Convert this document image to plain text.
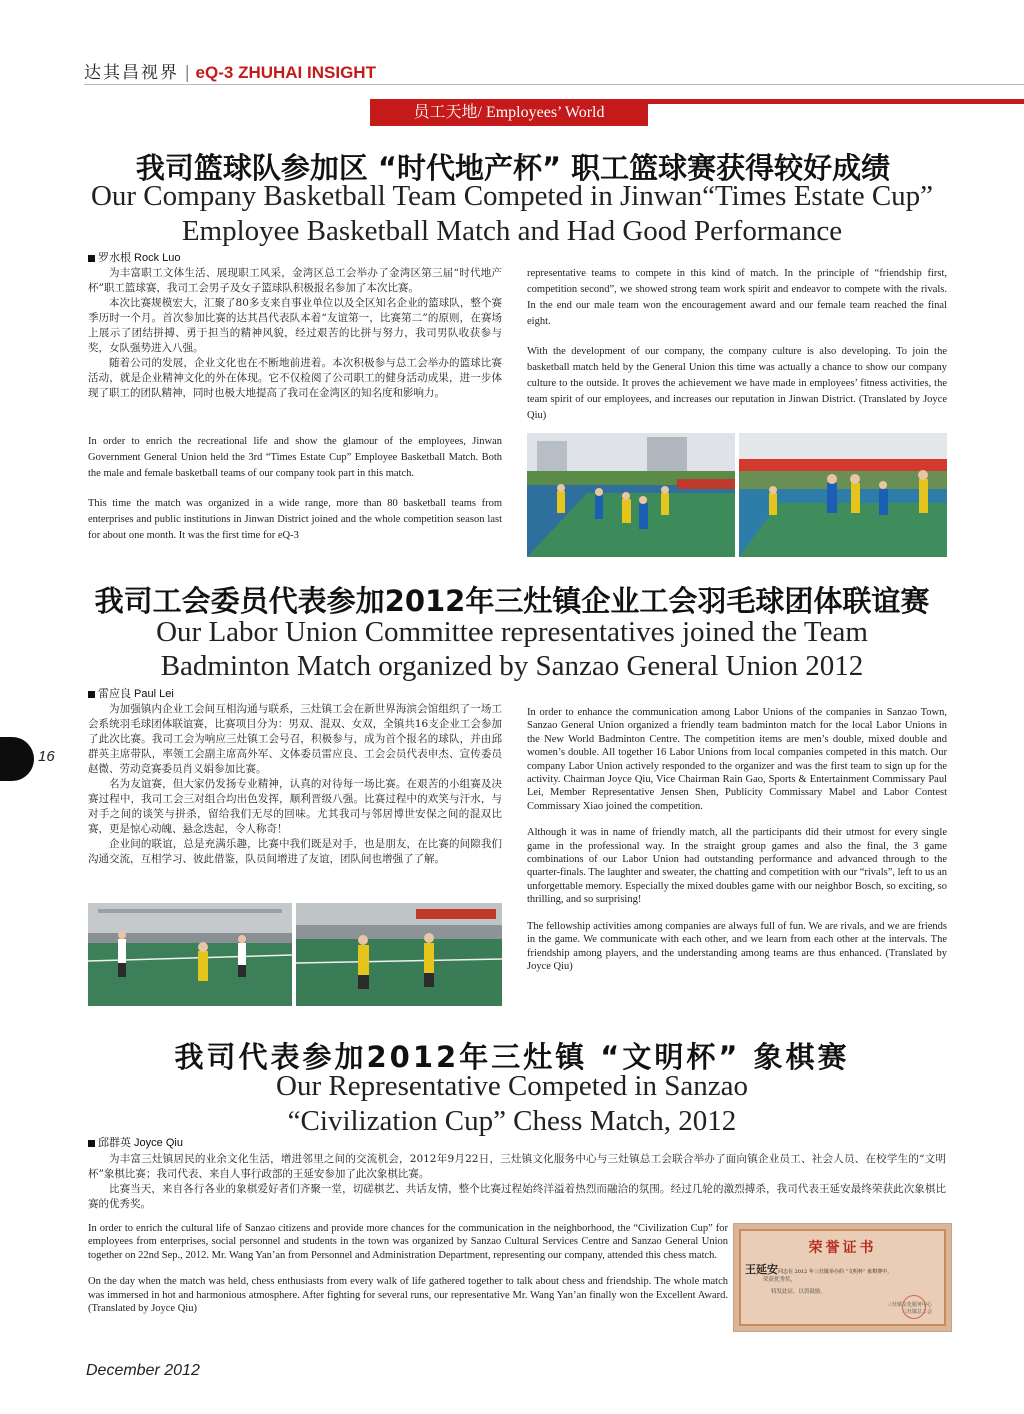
达其昌视界 | eQ-3 ZHUHAI INSIGHT
员工天地/ Employees’ World
我司篮球队参加区 “时代地产杯” 职工篮球赛获得较好成绩
Our Company Basketball Team Competed in Jinwan“Times Estate Cup”
Employee Basketball Match and Had Good Performance
罗水根 Rock Luo

为丰富职工文体生活、展现职工风采，金湾区总工会举办了金湾区第三届“时代地产杯”职工篮球赛，我司工会男子及女子篮球队积极报名参加了本次比赛。

本次比赛规模宏大，汇聚了80多支来自事业单位以及全区知名企业的篮球队，整个赛季历时一个月。首次参加比赛的达其昌代表队本着“友谊第一，比赛第二”的原则，在赛场上展示了团结拼搏、勇于担当的精神风貌，经过艰苦的比拼与努力，我司男队收获参与奖，女队强势进入八强。

随着公司的发展，企业文化也在不断地前进着。本次积极参与总工会举办的篮球比赛活动，就是企业精神文化的外在体现。它不仅检阅了公司职工的健身活动成果，进一步体现了职工的团队精神，同时也极大地提高了我司在金湾区的知名度和影响力。

In order to enrich the recreational life and show the glamour of the employees, Jinwan Government General Union held the 3rd “Times Estate Cup” Employee Basketball Match. Both the male and female basketball teams of our company took part in this match.

This time the match was organized in a wide range, more than 80 basketball teams from enterprises and public institutions in Jinwan District joined and the whole competition season last for about one month. It was the first time for eQ-3

representative teams to compete in this kind of match. In the principle of “friendship first, competition second”, we showed strong team work spirit and endeavor to compete with the rivals. In the end our male team won the encouragement award and our female team reached the final eight.

With the development of our company, the company culture is also developing. To join the basketball match held by the General Union this time was actually a chance to show our company culture to the outside. It proves the achievement we have made in employees’ fitness activities, the team spirit of our employees, and increases our reputation in Jinwan District. (Translated by Joyce Qiu)

我司工会委员代表参加2012年三灶镇企业工会羽毛球团体联谊赛
Our Labor Union Committee representatives joined the Team
Badminton Match organized by Sanzao General Union 2012
雷应良 Paul Lei

为加强镇内企业工会间互相沟通与联系，三灶镇工会在新世界海滨会馆组织了一场工会系统羽毛球团体联谊赛，比赛项目分为：男双、混双、女双，全镇共16支企业工会参加了此次比赛。我司工会为响应三灶镇工会号召，积极参与，成为首个报名的球队，并由邱群英主席带队，率领工会副主席高外军、文体委员雷应良、工会会员代表申杰、宣传委员赵微、劳动竞赛委员肖义娟参加比赛。

名为友谊赛，但大家仍发扬专业精神，认真的对待每一场比赛。在艰苦的小组赛及决赛过程中，我司工会三对组合均出色发挥，顺利晋级八强。比赛过程中的欢笑与汗水，与对手之间的谈笑与拼杀，留给我们无尽的回味。尤其我司与邻居博世安保之间的混双比赛，更是惊心动魄、悬念迭起，令人称奇！

企业间的联谊，总是充满乐趣，比赛中我们既是对手，也是朋友，在比赛的间隙我们沟通交流，互相学习、彼此借鉴，队员间增进了友谊，团队间也增强了了解。

In order to enhance the communication among Labor Unions of the companies in Sanzao Town, Sanzao General Union organized a friendly team badminton match for the local Labor Unions in the New World Badminton Centre. The competition items are men’s double, mixed double and women’s double. All together 16 Labor Unions from local companies competed in this match. Our company Labor Union actively responded to the organizer and was the first team to sign up for the activity. Chairman Joyce Qiu, Vice Chairman Rain Gao, Sports & Entertainment Commissary Paul Lei, Member Representative Jensen Shen, Publicity Commissary Mabel and Labor Contest Commissary Xiao joined the competition.

Although it was in name of friendly match, all the participants did their utmost for every single game in the professional way. In the straight group games and also the final, the 3 game combinations of our Labor Union had outstanding performance and advanced through to the quarter-finals. The laughter and sweater, the chatting and competition with our “rivals”, left to us an unforgettable memory. Especially the mixed doubles game with our neighbor Bosch, so exciting, so thrilling, and so surprising!

The fellowship activities among companies are always full of fun. We are rivals, and we are friends in the game. We communicate with each other, and we learn from each other at the intervals. The friendship among players, and the understanding among teams are thus enhanced. (Translated by Joyce Qiu)

16
我司代表参加2012年三灶镇 “文明杯” 象棋赛
Our Representative Competed in Sanzao
“Civilization Cup” Chess Match, 2012
邱群英 Joyce Qiu

为丰富三灶镇居民的业余文化生活，增进邻里之间的交流机会，2012年9月22日，三灶镇文化服务中心与三灶镇总工会联合举办了面向镇企业员工、社会人员、在校学生的“文明杯”象棋比赛；我司代表、来自人事行政部的王延安参加了此次象棋比赛。

比赛当天，来自各行各业的象棋爱好者们齐聚一堂，切磋棋艺、共话友情，整个比赛过程始终洋溢着热烈而融洽的氛围。经过几轮的激烈搏杀，我司代表王延安最终荣获此次象棋比赛的优秀奖。

In order to enrich the cultural life of Sanzao citizens and provide more chances for the communication in the neighborhood, the “Civilization Cup” for employees from enterprises, social personnel and students in the town was organized by Sanzao Cultural Services Centre and Sanzao General Union together on 22nd Sep., 2012. Mr. Wang Yan’an from Personnel and Administration Department, representing our company, attended this chess match.

On the day when the match was held, chess enthusiasts from every walk of life gathered together to talk about chess and friendship. The whole match was immersed in hot and harmonious atmosphere. After fighting for several runs, our representative Mr. Wang Yan’an finally won the Excellent Award.(Translated by Joyce Qiu)

荣誉证书
王延安同志在 2012 年三灶镇举办的 “文明杯” 象棋赛中，
荣获优秀奖，
特发此证，以资鼓励。
三灶镇文化服务中心
三灶镇总工会
December 2012
